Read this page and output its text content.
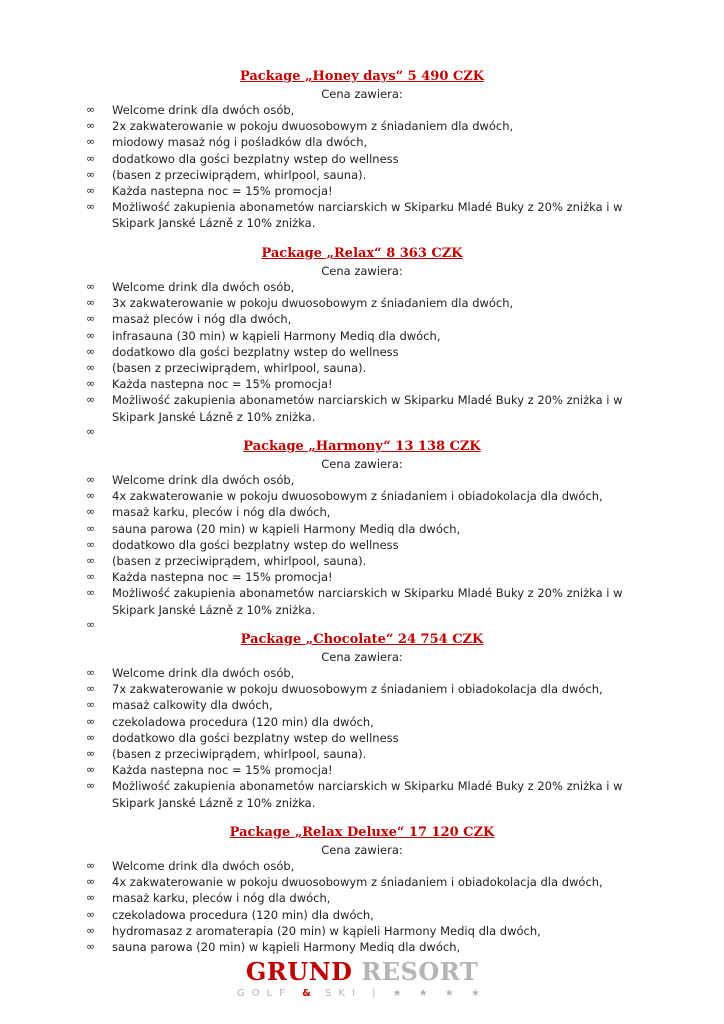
Package „Honey days“ 5 490 CZK
Cena zawiera:
∞ Welcome drink dla dwóch osób,
∞ 2x zakwaterowanie w pokoju dwuosobowym z śniadaniem dla dwóch,
∞ miodowy masaż nóg i pośladków dla dwóch,
∞ dodatkowo dla gości bezplatny wstep do wellness
∞ (basen z przeciwiprądem, whirlpool, sauna).
∞ Każda nastepna noc = 15% promocja!
∞ Możliwość zakupienia abonametów narciarskich w Skiparku Mladé Buky z 20% zniżka i w Skipark Janské Lázně z 10% zniżka.
Package „Relax“ 8 363 CZK
Cena zawiera:
∞ Welcome drink dla dwóch osób,
∞ 3x zakwaterowanie w pokoju dwuosobowym z śniadaniem dla dwóch,
∞ masaż pleców i nóg dla dwóch,
∞ infrasauna (30 min) w kąpieli Harmony Mediq dla dwóch,
∞ dodatkowo dla gości bezplatny wstep do wellness
∞ (basen z przeciwiprądem, whirlpool, sauna).
∞ Każda nastepna noc = 15% promocja!
∞ Możliwość zakupienia abonametów narciarskich w Skiparku Mladé Buky z 20% zniżka i w Skipark Janské Lázně z 10% zniżka.
∞
Package „Harmony“ 13 138 CZK
Cena zawiera:
∞ Welcome drink dla dwóch osób,
∞ 4x zakwaterowanie w pokoju dwuosobowym z śniadaniem i obiadokolacja dla dwóch,
∞ masaż karku, pleców i nóg dla dwóch,
∞ sauna parowa (20 min) w kąpieli Harmony Mediq dla dwóch,
∞ dodatkowo dla gości bezplatny wstep do wellness
∞ (basen z przeciwiprądem, whirlpool, sauna).
∞ Każda nastepna noc = 15% promocja!
∞ Możliwość zakupienia abonametów narciarskich w Skiparku Mladé Buky z 20% zniżka i w Skipark Janské Lázně z 10% zniżka.
∞
Package „Chocolate“ 24 754 CZK
Cena zawiera:
∞ Welcome drink dla dwóch osób,
∞ 7x zakwaterowanie w pokoju dwuosobowym z śniadaniem i obiadokolacja dla dwóch,
∞ masaż calkowity dla dwóch,
∞ czekoladowa procedura (120 min) dla dwóch,
∞ dodatkowo dla gości bezplatny wstep do wellness
∞ (basen z przeciwiprądem, whirlpool, sauna).
∞ Każda nastepna noc = 15% promocja!
∞ Możliwość zakupienia abonametów narciarskich w Skiparku Mladé Buky z 20% zniżka i w Skipark Janské Lázně z 10% zniżka.
Package „Relax Deluxe“ 17 120 CZK
Cena zawiera:
∞ Welcome drink dla dwóch osób,
∞ 4x zakwaterowanie w pokoju dwuosobowym z śniadaniem i obiadokolacja dla dwóch,
∞ masaż karku, pleców i nóg dla dwóch,
∞ czekoladowa procedura (120 min) dla dwóch,
∞ hydromasaz z aromaterapia (20 min) w kąpieli Harmony Mediq dla dwóch,
∞ sauna parowa (20 min) w kąpieli Harmony Mediq dla dwóch,
GRUND RESORT
GOLF & SKI | ★ ★ ★ ★
